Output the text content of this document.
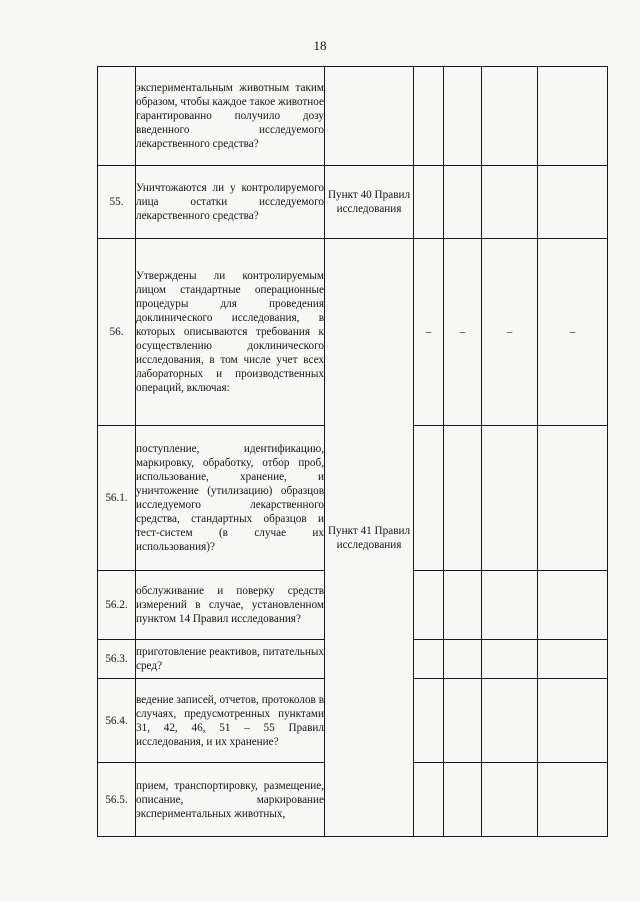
18
	экспериментальным животным таким образом, чтобы каждое такое животное гарантированно получило дозу введенного исследуемого лекарственного средства?					
55.	Уничтожаются ли у контролируемого лица остатки исследуемого лекарственного средства?	Пункт 40 Правил исследования				
56.	Утверждены ли контролируемым лицом стандартные операционные процедуры для проведения доклинического исследования, в которых описываются требования к осуществлению доклинического исследования, в том числе учет всех лабораторных и производственных операций, включая:	Пункт 41 Правил исследования	–	–	–	–
56.1.	поступление, идентификацию, маркировку, обработку, отбор проб, использование, хранение, и уничтожение (утилизацию) образцов исследуемого лекарственного средства, стандартных образцов и тест-систем (в случае их использования)?					
56.2.	обслуживание и поверку средств измерений в случае, установленном пунктом 14 Правил исследования?					
56.3.	приготовление реактивов, питательных сред?					
56.4.	ведение записей, отчетов, протоколов в случаях, предусмотренных пунктами 31, 42, 46, 51 – 55 Правил исследования, и их хранение?					
56.5.	прием, транспортировку, размещение, описание, маркирование экспериментальных животных,					
